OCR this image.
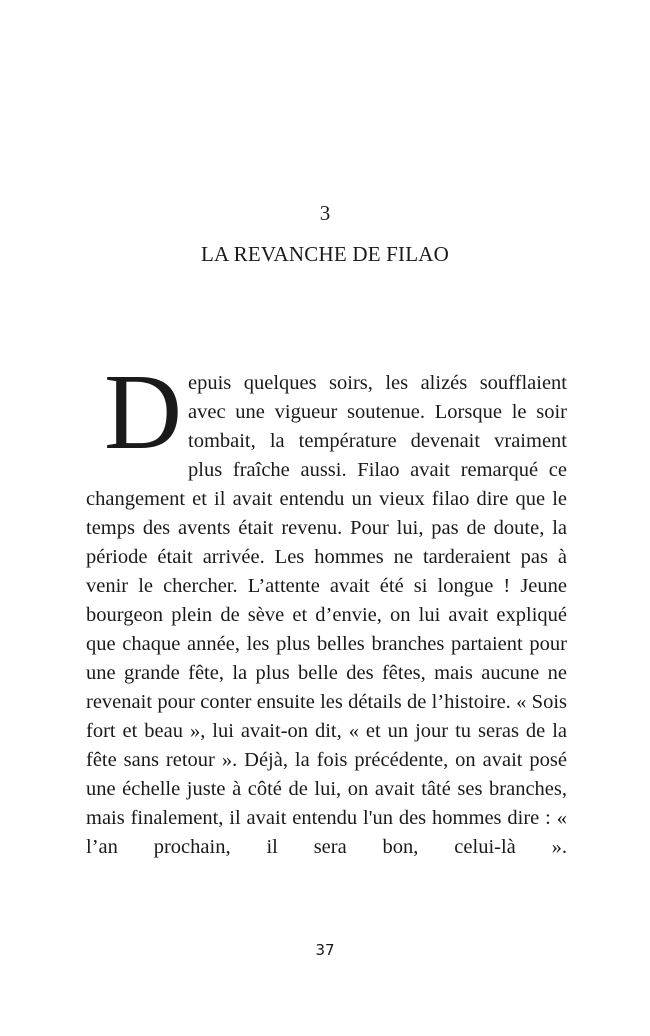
3
LA REVANCHE DE FILAO

Depuis quelques soirs, les alizés soufflaient avec une vigueur soutenue. Lorsque le soir tombait, la température devenait vraiment plus fraîche aussi. Filao avait remarqué ce changement et il avait entendu un vieux filao dire que le temps des avents était revenu. Pour lui, pas de doute, la période était arrivée. Les hommes ne tarderaient pas à venir le chercher. L’attente avait été si longue ! Jeune bourgeon plein de sève et d’envie, on lui avait expliqué que chaque année, les plus belles branches partaient pour une grande fête, la plus belle des fêtes, mais aucune ne revenait pour conter ensuite les détails de l’histoire. « Sois fort et beau », lui avait-on dit, « et un jour tu seras de la fête sans retour ». Déjà, la fois précédente, on avait posé une échelle juste à côté de lui, on avait tâté ses branches, mais finalement, il avait entendu l'un des hommes dire : « l’an prochain, il sera bon, celui-là ».

37
